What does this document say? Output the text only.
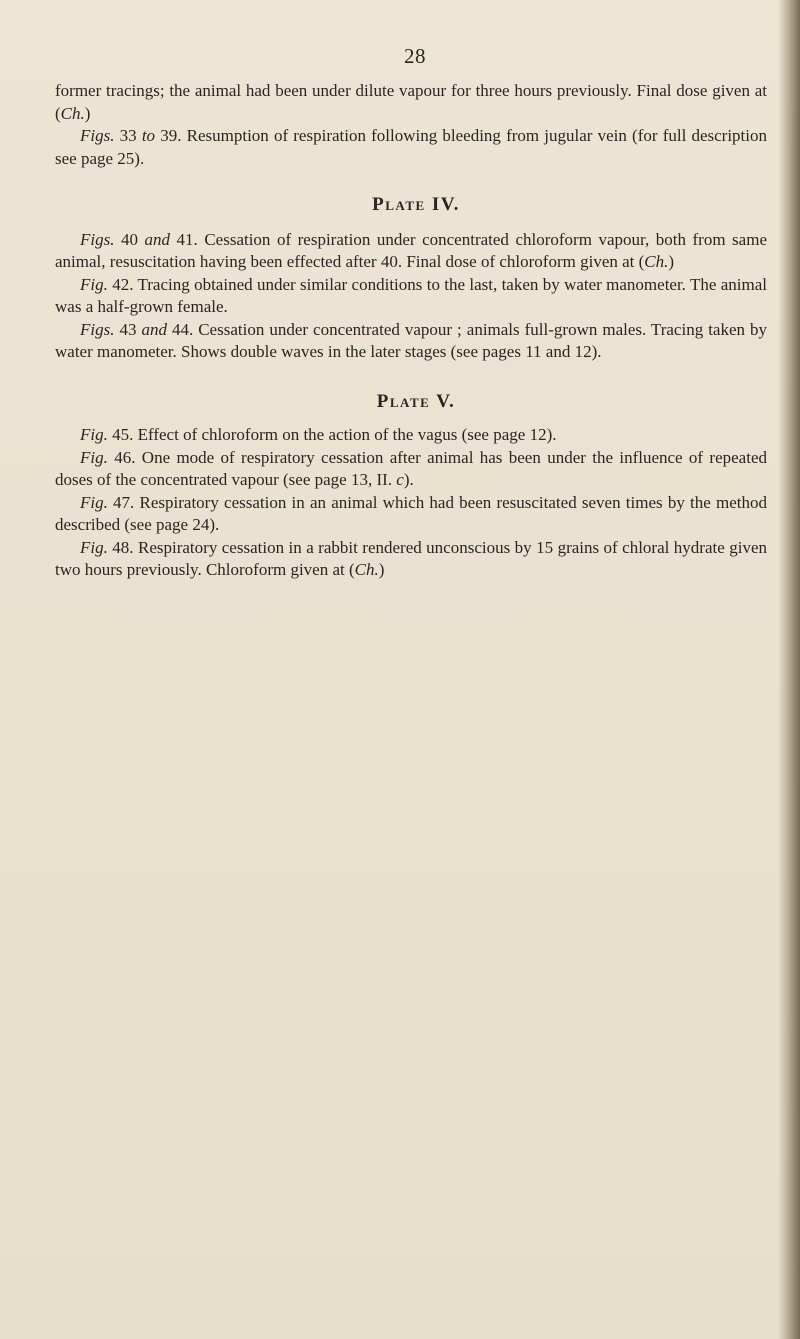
28

former tracings; the animal had been under dilute vapour for three hours previously. Final dose given at (Ch.)

Figs. 33 to 39. Resumption of respiration following bleeding from jugular vein (for full description see page 25).

Plate IV.

Figs. 40 and 41. Cessation of respiration under concentrated chloroform vapour, both from same animal, resuscitation having been effected after 40. Final dose of chloroform given at (Ch.)

Fig. 42. Tracing obtained under similar conditions to the last, taken by water manometer. The animal was a half-grown female.

Figs. 43 and 44. Cessation under concentrated vapour ; animals full-grown males. Tracing taken by water manometer. Shows double waves in the later stages (see pages 11 and 12).

Plate V.

Fig. 45. Effect of chloroform on the action of the vagus (see page 12).

Fig. 46. One mode of respiratory cessation after animal has been under the influence of repeated doses of the concentrated vapour (see page 13, II. c).

Fig. 47. Respiratory cessation in an animal which had been resuscitated seven times by the method described (see page 24).

Fig. 48. Respiratory cessation in a rabbit rendered unconscious by 15 grains of chloral hydrate given two hours previously. Chloroform given at (Ch.)
